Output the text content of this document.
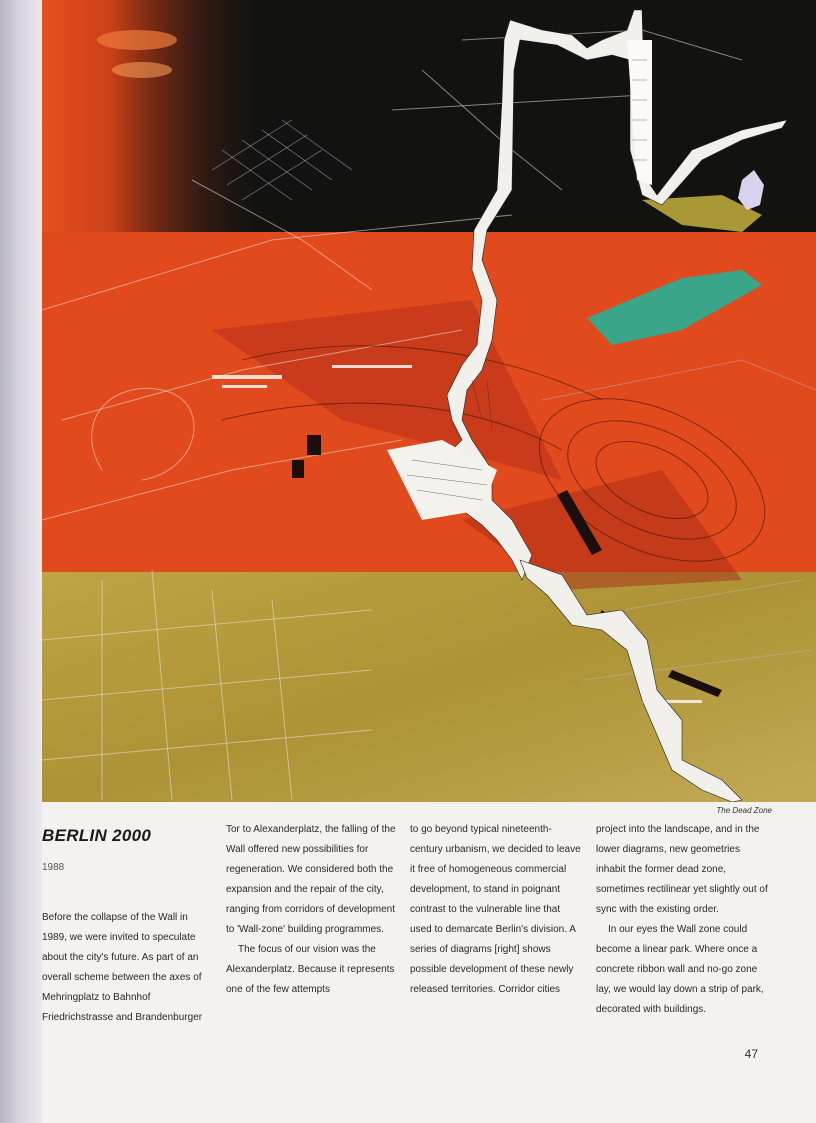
The Dead Zone
BERLIN 2000
1988

Before the collapse of the Wall in 1989, we were invited to speculate about the city's future. As part of an overall scheme between the axes of Mehringplatz to Bahnhof Friedrichstrasse and Brandenburger

Tor to Alexanderplatz, the falling of the Wall offered new possibilities for regeneration. We considered both the expansion and the repair of the city, ranging from corridors of development to 'Wall-zone' building programmes.

The focus of our vision was the Alexanderplatz. Because it represents one of the few attempts

to go beyond typical nineteenth-century urbanism, we decided to leave it free of homogeneous commercial development, to stand in poignant contrast to the vulnerable line that used to demarcate Berlin's division. A series of diagrams [right] shows possible development of these newly released territories. Corridor cities

project into the landscape, and in the lower diagrams, new geometries inhabit the former dead zone, sometimes rectilinear yet slightly out of sync with the existing order.

In our eyes the Wall zone could become a linear park. Where once a concrete ribbon wall and no-go zone lay, we would lay down a strip of park, decorated with buildings.

47
